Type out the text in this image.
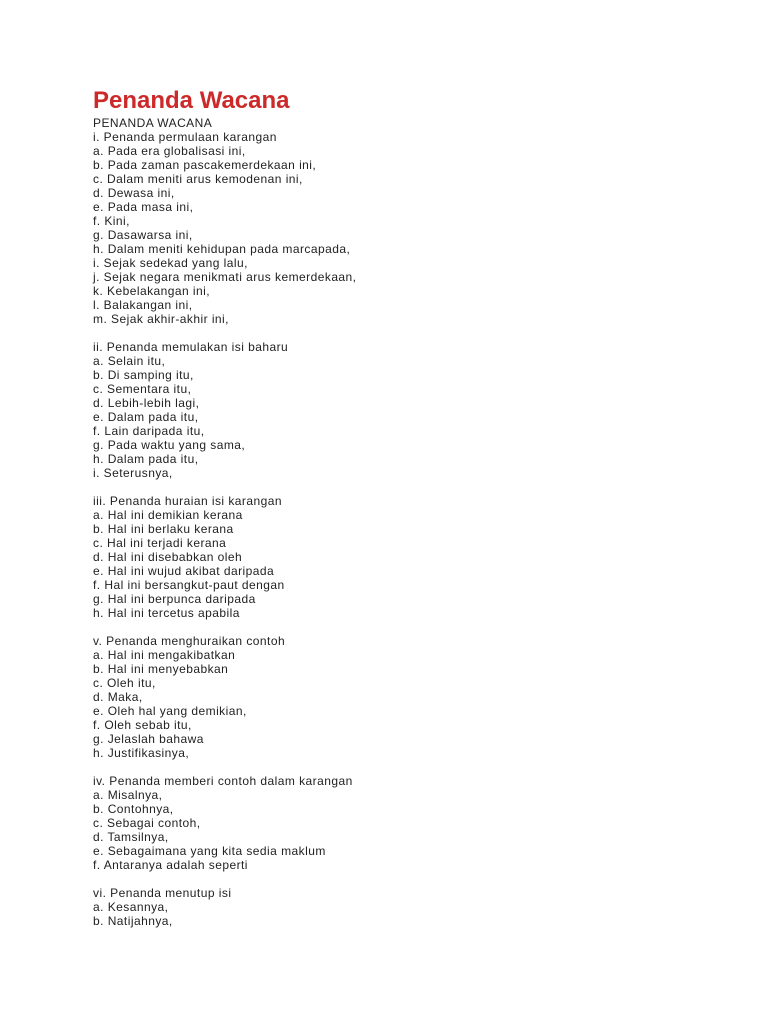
Penanda Wacana
PENANDA WACANA
i. Penanda permulaan karangan
a. Pada era globalisasi ini,
b. Pada zaman pascakemerdekaan ini,
c. Dalam meniti arus kemodenan ini,
d. Dewasa ini,
e. Pada masa ini,
f. Kini,
g. Dasawarsa ini,
h. Dalam meniti kehidupan pada marcapada,
i. Sejak sedekad yang lalu,
j. Sejak negara menikmati arus kemerdekaan,
k. Kebelakangan ini,
l. Balakangan ini,
m. Sejak akhir-akhir ini,
ii. Penanda memulakan isi baharu
a. Selain itu,
b. Di samping itu,
c. Sementara itu,
d. Lebih-lebih lagi,
e. Dalam pada itu,
f. Lain daripada itu,
g. Pada waktu yang sama,
h. Dalam pada itu,
i. Seterusnya,
iii. Penanda huraian isi karangan
a. Hal ini demikian kerana
b. Hal ini berlaku kerana
c. Hal ini terjadi kerana
d. Hal ini disebabkan oleh
e. Hal ini wujud akibat daripada
f. Hal ini bersangkut-paut dengan
g. Hal ini berpunca daripada
h. Hal ini tercetus apabila
v. Penanda menghuraikan contoh
a. Hal ini mengakibatkan
b. Hal ini menyebabkan
c. Oleh itu,
d. Maka,
e. Oleh hal yang demikian,
f. Oleh sebab itu,
g. Jelaslah bahawa
h. Justifikasinya,
iv. Penanda memberi contoh dalam karangan
a. Misalnya,
b. Contohnya,
c. Sebagai contoh,
d. Tamsilnya,
e. Sebagaimana yang kita sedia maklum
f. Antaranya adalah seperti
vi. Penanda menutup isi
a. Kesannya,
b. Natijahnya,
